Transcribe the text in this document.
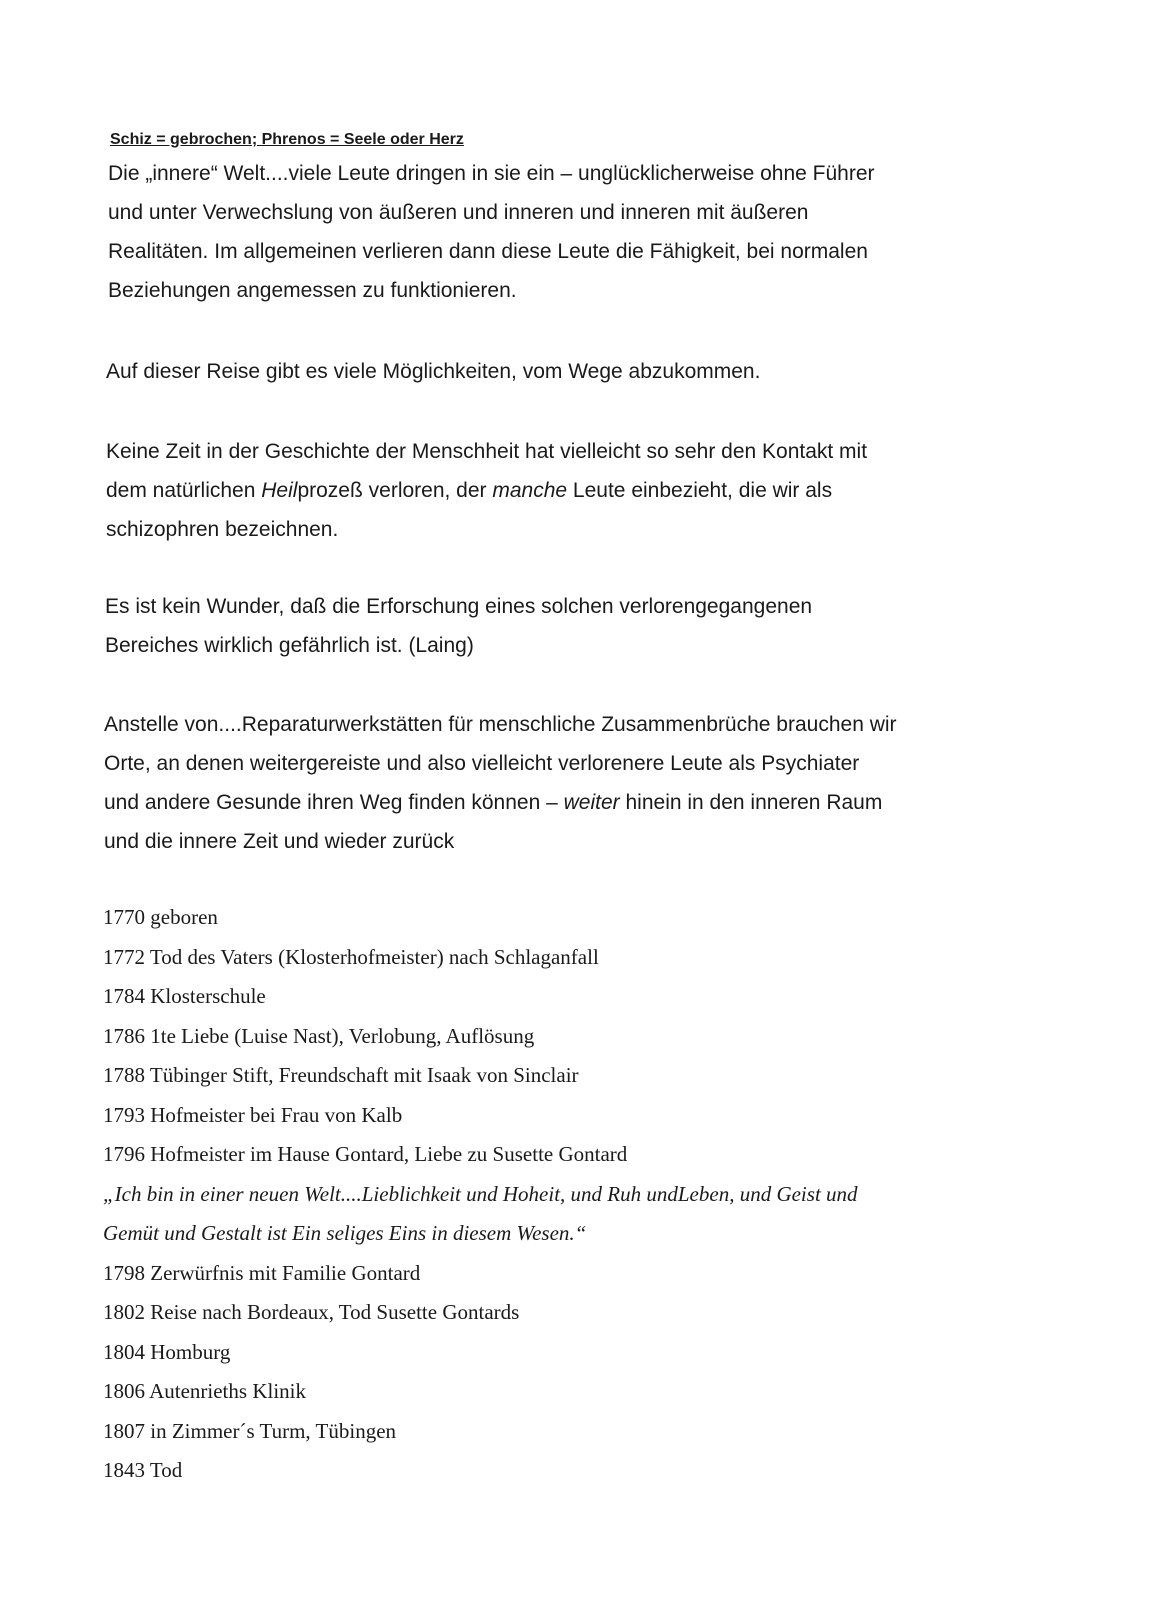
Schiz = gebrochen; Phrenos = Seele oder Herz
Die „innere“ Welt....viele Leute dringen in sie ein – unglücklicherweise ohne Führer
und unter Verwechslung von äußeren und inneren und inneren mit äußeren
Realitäten. Im allgemeinen verlieren dann diese Leute die Fähigkeit, bei normalen
Beziehungen angemessen zu funktionieren.
Auf dieser Reise gibt es viele Möglichkeiten, vom Wege abzukommen.
Keine Zeit in der Geschichte der Menschheit hat vielleicht so sehr den Kontakt mit
dem natürlichen Heilprozeß verloren, der manche Leute einbezieht, die wir als
schizophren bezeichnen.
Es ist kein Wunder, daß die Erforschung eines solchen verlorengegangenen
Bereiches wirklich gefährlich ist. (Laing)
Anstelle von....Reparaturwerkstätten für menschliche Zusammenbrüche brauchen wir
Orte, an denen weitergereiste und also vielleicht verlorenere Leute als Psychiater
und andere Gesunde ihren Weg finden können – weiter hinein in den inneren Raum
und die innere Zeit und wieder zurück
1770 geboren
1772 Tod des Vaters (Klosterhofmeister) nach Schlaganfall
1784 Klosterschule
1786 1te Liebe (Luise Nast), Verlobung, Auflösung
1788 Tübinger Stift, Freundschaft mit Isaak von Sinclair
1793 Hofmeister bei Frau von Kalb
1796 Hofmeister im Hause Gontard, Liebe zu Susette Gontard
„Ich bin in einer neuen Welt....Lieblichkeit und Hoheit, und Ruh undLeben, und Geist und
Gemüt und Gestalt ist Ein seliges Eins in diesem Wesen.“
1798 Zerwürfnis mit Familie Gontard
1802 Reise nach Bordeaux, Tod Susette Gontards
1804 Homburg
1806 Autenrieths Klinik
1807 in Zimmer´s Turm, Tübingen
1843 Tod
